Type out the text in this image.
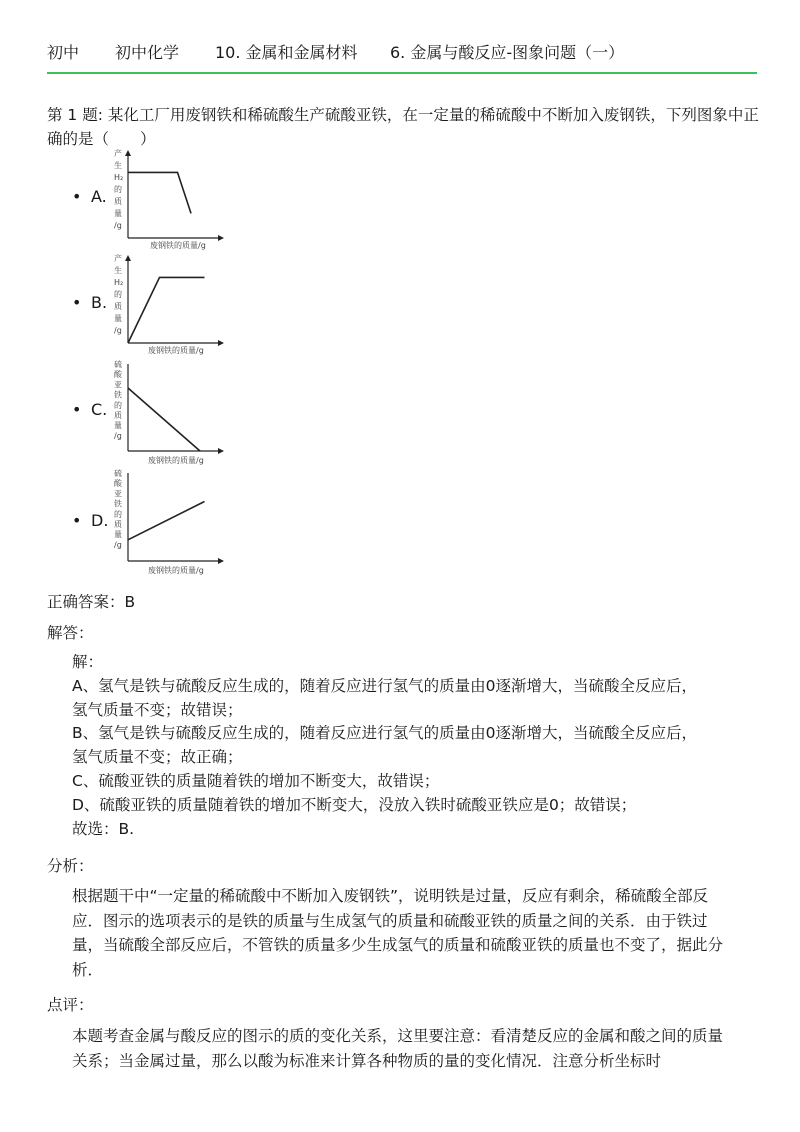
初中 初中化学 10. 金属和金属材料 6. 金属与酸反应-图象问题（一）
第 1 题: 某化工厂用废钢铁和稀硫酸生产硫酸亚铁，在一定量的稀硫酸中不断加入废钢铁，下列图象中正确的是（　　）
• A.
产
生
H₂
的
质
量
/g
废钢铁的质量/g
• B.
产
生
H₂
的
质
量
/g
废钢铁的质量/g
• C.
硫
酸
亚
铁
的
质
量
/g
废钢铁的质量/g
• D.
硫
酸
亚
铁
的
质
量
/g
废钢铁的质量/g
正确答案：B
解答：

解：

A、氢气是铁与硫酸反应生成的，随着反应进行氢气的质量由0逐渐增大，当硫酸全反应后，

氢气质量不变；故错误；

B、氢气是铁与硫酸反应生成的，随着反应进行氢气的质量由0逐渐增大，当硫酸全反应后，

氢气质量不变；故正确；

C、硫酸亚铁的质量随着铁的增加不断变大，故错误；

D、硫酸亚铁的质量随着铁的增加不断变大，没放入铁时硫酸亚铁应是0；故错误；

故选：B.

分析：
根据题干中“一定量的稀硫酸中不断加入废钢铁”，说明铁是过量，反应有剩余，稀硫酸全部反应．图示的选项表示的是铁的质量与生成氢气的质量和硫酸亚铁的质量之间的关系．由于铁过量，当硫酸全部反应后，不管铁的质量多少生成氢气的质量和硫酸亚铁的质量也不变了，据此分析．
点评：
本题考查金属与酸反应的图示的质的变化关系，这里要注意：看清楚反应的金属和酸之间的质量关系；当金属过量，那么以酸为标准来计算各种物质的量的变化情况．注意分析坐标时
